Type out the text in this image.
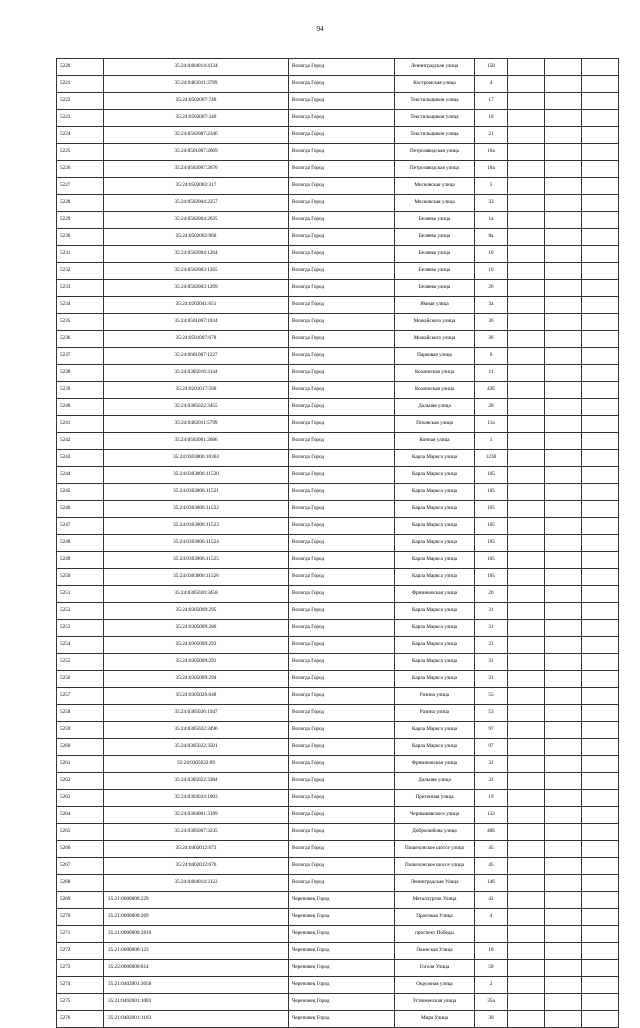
94
5220	35:24:0404014:4134	Вологда Город	Ленинградская улица	150			
5221	35:24:0403011:3789	Вологда Город	Костромская улица	4			
5222	35:24:0502007:740	Вологда Город	Текстильщиков улица	17			
5223	35:24:0502007:340	Вологда Город	Текстильщиков улица	18			
5224	35:24:0502007:2346	Вологда Город	Текстильщиков улица	21			
5225	35:24:0501007:2669	Вологда Город	Петрозаводская улица	18а			
5226	35:24:0502007:2670	Вологда Город	Петрозаводская улица	18а			
5227	35:24:0502002:317	Вологда Город	Московская улица	5			
5228	35:24:0502004:2257	Вологда Город	Московская улица	33			
5229	35:24:0502004:2635	Вологда Город	Беляева улица	1а			
5230	35:24:0502002:960	Вологда Город	Беляева улица	8а			
5231	35:24:0502004:1264	Вологда Город	Беляева улица	10			
5232	35:24:0502003:1265	Вологда Город	Беляева улица	10			
5233	35:24:0502003:1269	Вологда Город	Беляева улица	20			
5234	35:24:0202041:651	Вологда Город	Ямная улица	3а			
5235	35:24:0501007:1834	Вологда Город	Можайского улица	36			
5236	35:24:0501007:678	Вологда Город	Можайского улица	36			
5237	35:24:0601007:1227	Вологда Город	Парковая улица	6			
5238	35:24:0305016:3144	Вологда Город	Козленская улица	11			
5239	35:24:0201017:566	Вологда Город	Козленская улица	43б			
5240	35:24:0305022:3455	Вологда Город	Дальняя улица	28			
5241	35:24:0402011:5799	Вологда Город	Псковская улица	11а			
5242	35:24:0502001:2686	Вологда Город	Конная улица	1			
5243	35:24:0303006:10363	Вологда Город	Карла Маркса улица	123б			
5244	35:24:0303006:11520	Вологда Город	Карла Маркса улица	105			
5245	35:24:0303006:11521	Вологда Город	Карла Маркса улица	105			
5246	35:24:0303006:11522	Вологда Город	Карла Маркса улица	105			
5247	35:24:0303006:11523	Вологда Город	Карла Маркса улица	105			
5248	35:24:0303006:11524	Вологда Город	Карла Маркса улица	105			
5249	35:24:0303006:11525	Вологда Город	Карла Маркса улица	105			
5250	35:24:0303006:11526	Вологда Город	Карла Маркса улица	105			
5251	35:24:0305020:3458	Вологда Город	Фрязиновская улица	20			
5252	35:24:0305009:295	Вологда Город	Карла Маркса улица	31			
5253	35:24:0305009:286	Вологда Город	Карла Маркса улица	31			
5254	35:24:0305009:293	Вологда Город	Карла Маркса улица	31			
5255	35:24:0305009:291	Вологда Город	Карла Маркса улица	31			
5256	35:24:0305009:294	Вологда Город	Карла Маркса улица	31			
5257	35:24:0305026:648	Вологда Город	Разина улица	55			
5258	35:24:0305026:1947	Вологда Город	Разина улица	53			
5259	35:24:0305022:3496	Вологда Город	Карла Маркса улица	97			
5260	35:24:0305022:3501	Вологда Город	Карла Маркса улица	97			
5261	35:24:0305022:89	Вологда Город	Фрязиновская улица	32			
5262	35:24:0305022:3384	Вологда Город	Дальняя улица	32			
5263	35:24:0303024:1003	Вологда Город	Пригонная улица	19			
5264	35:24:0304001:3189	Вологда Город	Чернышевского улица	132			
5265	35:24:0305007:3235	Вологда Город	Добролюбова улица	40б			
5266	35:24:0402012:673	Вологда Город	Пошехонское шоссе улица	45			
5267	35:24:0402012:676	Вологда Город	Пошехонское шоссе улица	45			
5268	35:24:0404014:3122	Вологда Город	Ленинградская Улица	146			
5269	35:21:0000000:229	Череповец Город	Металлургов Улица	42			
5270	35:21:0000000:269	Череповец Город	Проезжая Улица	4			
5271	35:21:0000000:2810	Череповец Город	проспект Победы				
5272	35:21:0000000:123	Череповец Город	Окинская Улица	18			
5273	35:22:0000000:814	Череповец Город	Гоголя Улица	58			
5274	35:21:0402001:3058	Череповец Город	Окружная улица	2			
5275	35:21:0402001:1083	Череповец Город	Устюженская улица	35а			
5276	35:21:0402001:1103	Череповец Город	Мира Улица	30			
